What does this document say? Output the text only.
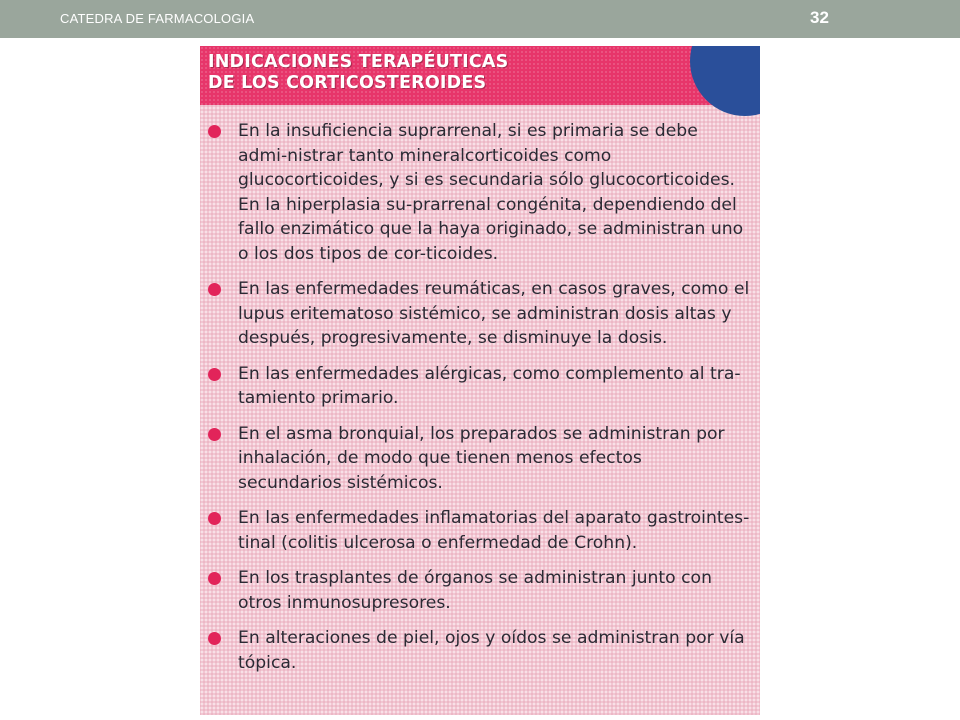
CATEDRA DE FARMACOLOGIA	32
INDICACIONES TERAPÉUTICAS
DE LOS CORTICOSTEROIDES
En la insuficiencia suprarrenal, si es primaria se debe admi-nistrar tanto mineralcorticoides como glucocorticoides, y si es secundaria sólo glucocorticoides. En la hiperplasia su-prarrenal congénita, dependiendo del fallo enzimático que la haya originado, se administran uno o los dos tipos de cor-ticoides.
En las enfermedades reumáticas, en casos graves, como el lupus eritematoso sistémico, se administran dosis altas y después, progresivamente, se disminuye la dosis.
En las enfermedades alérgicas, como complemento al tra-tamiento primario.
En el asma bronquial, los preparados se administran por inhalación, de modo que tienen menos efectos secundarios sistémicos.
En las enfermedades inflamatorias del aparato gastrointes-tinal (colitis ulcerosa o enfermedad de Crohn).
En los trasplantes de órganos se administran junto con otros inmunosupresores.
En alteraciones de piel, ojos y oídos se administran por vía tópica.
